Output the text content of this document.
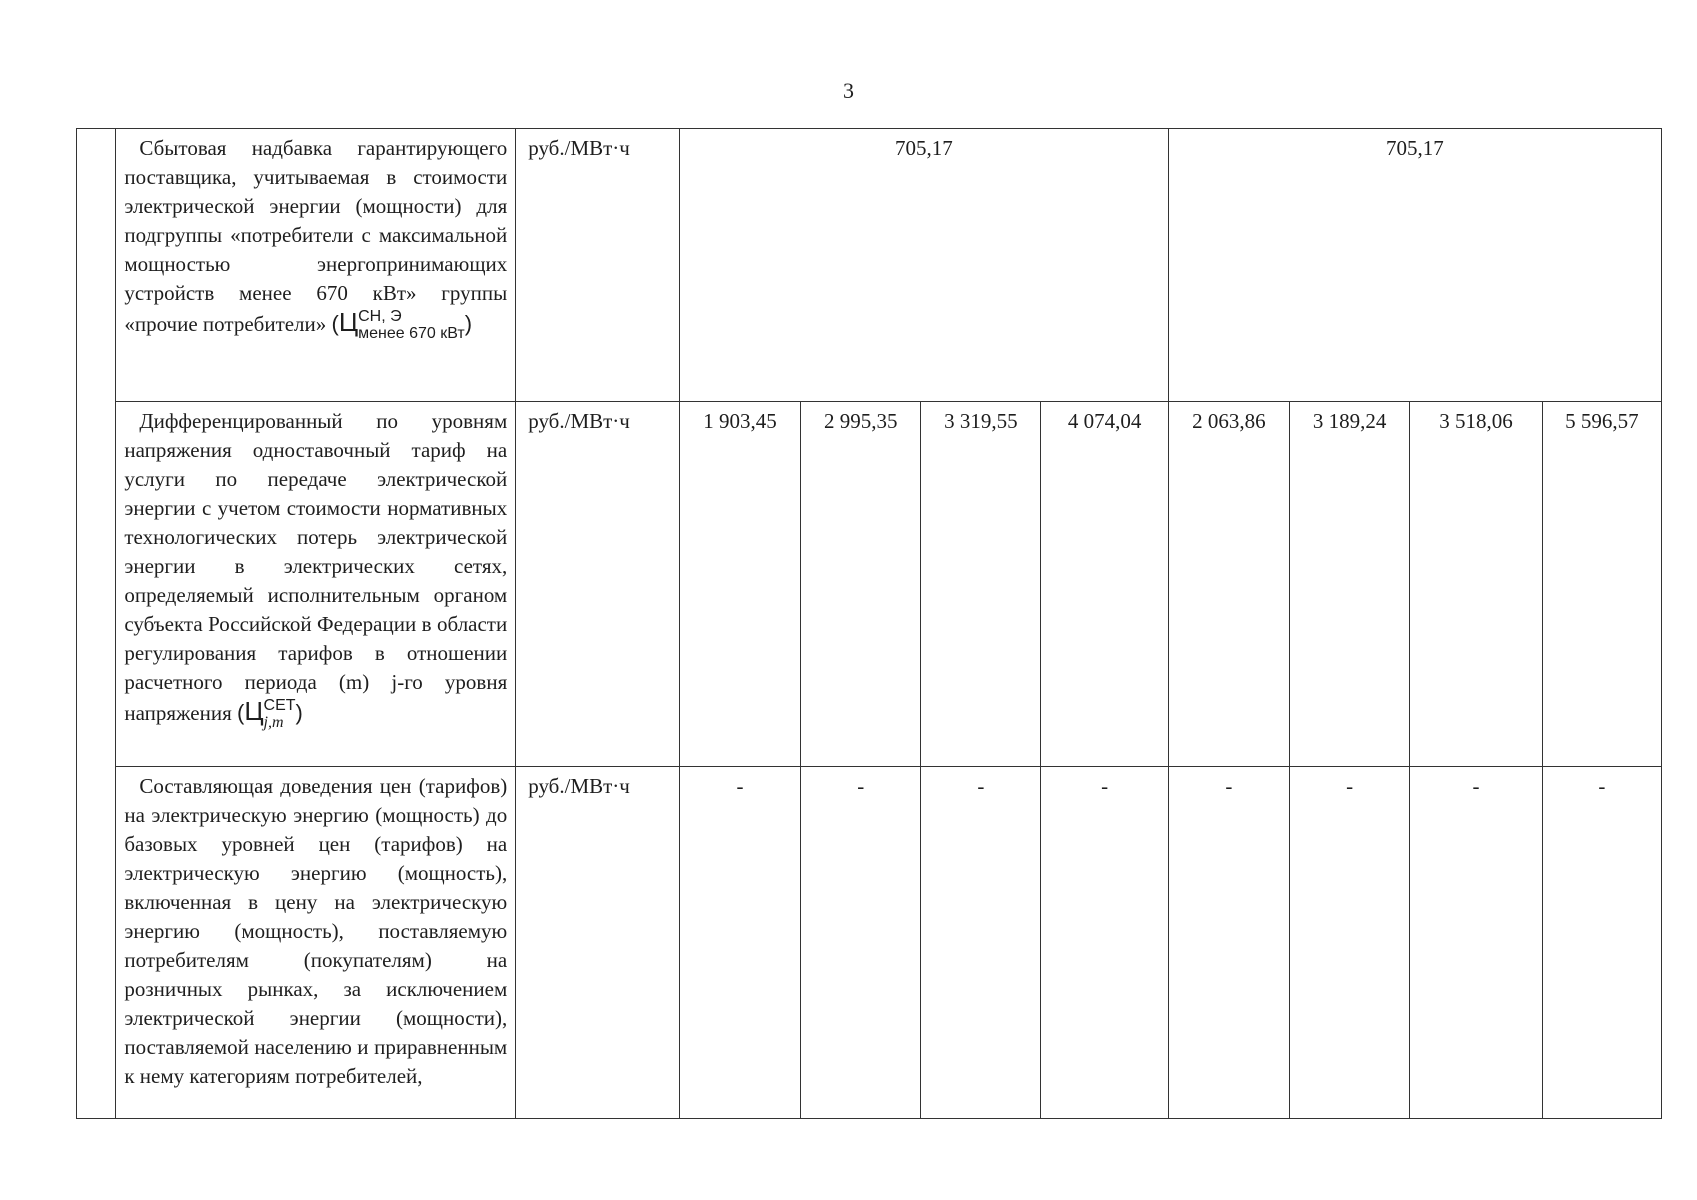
3
	Сбытовая надбавка гарантирующего поставщика, учитываемая в стоимости электрической энергии (мощности) для подгруппы «потребители с максимальной мощностью энергопринимающих устройств менее 670 кВт» группы «прочие потребители» (Ц СН, Э
менее 670 кВт )	руб./МВт·ч	705,17				705,17			
	Дифференцированный по уровням напряжения одноставочный тариф на услуги по передаче электрической энергии с учетом стоимости нормативных технологических потерь электрической энергии в электрических сетях, определяемый исполнительным органом субъекта Российской Федерации в области регулирования тарифов в отношении расчетного периода (m) j-го уровня напряжения (Ц СЕТ
j,m )	руб./МВт·ч	1 903,45	2 995,35	3 319,55	4 074,04	2 063,86	3 189,24	3 518,06	5 596,57
	Составляющая доведения цен (тарифов) на электрическую энергию (мощность) до базовых уровней цен (тарифов) на электрическую энергию (мощность), включенная в цену на электрическую энергию (мощность), поставляемую потребителям (покупателям) на розничных рынках, за исключением электрической энергии (мощности), поставляемой населению и приравненным к нему категориям потребителей,	руб./МВт·ч	-	-	-	-	-	-	-	-
